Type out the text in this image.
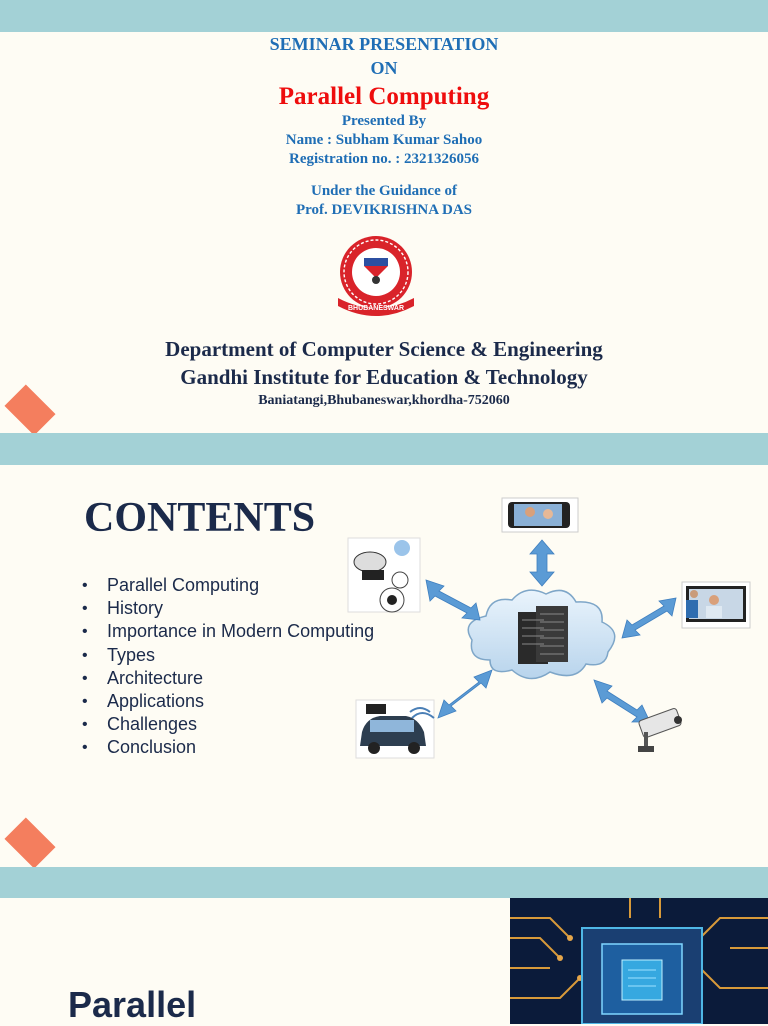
SEMINAR PRESENTATION
ON
Parallel Computing
Presented By
Name : Subham Kumar Sahoo
Registration no. : 2321326056
Under the Guidance of
Prof. DEVIKRISHNA DAS
BHUBANESWAR
Department of Computer Science & Engineering
Gandhi Institute for Education & Technology
Baniatangi,Bhubaneswar,khordha-752060
CONTENTS
• Parallel Computing
• History
• Importance in Modern Computing
• Types
• Architecture
• Applications
• Challenges
• Conclusion
Parallel
